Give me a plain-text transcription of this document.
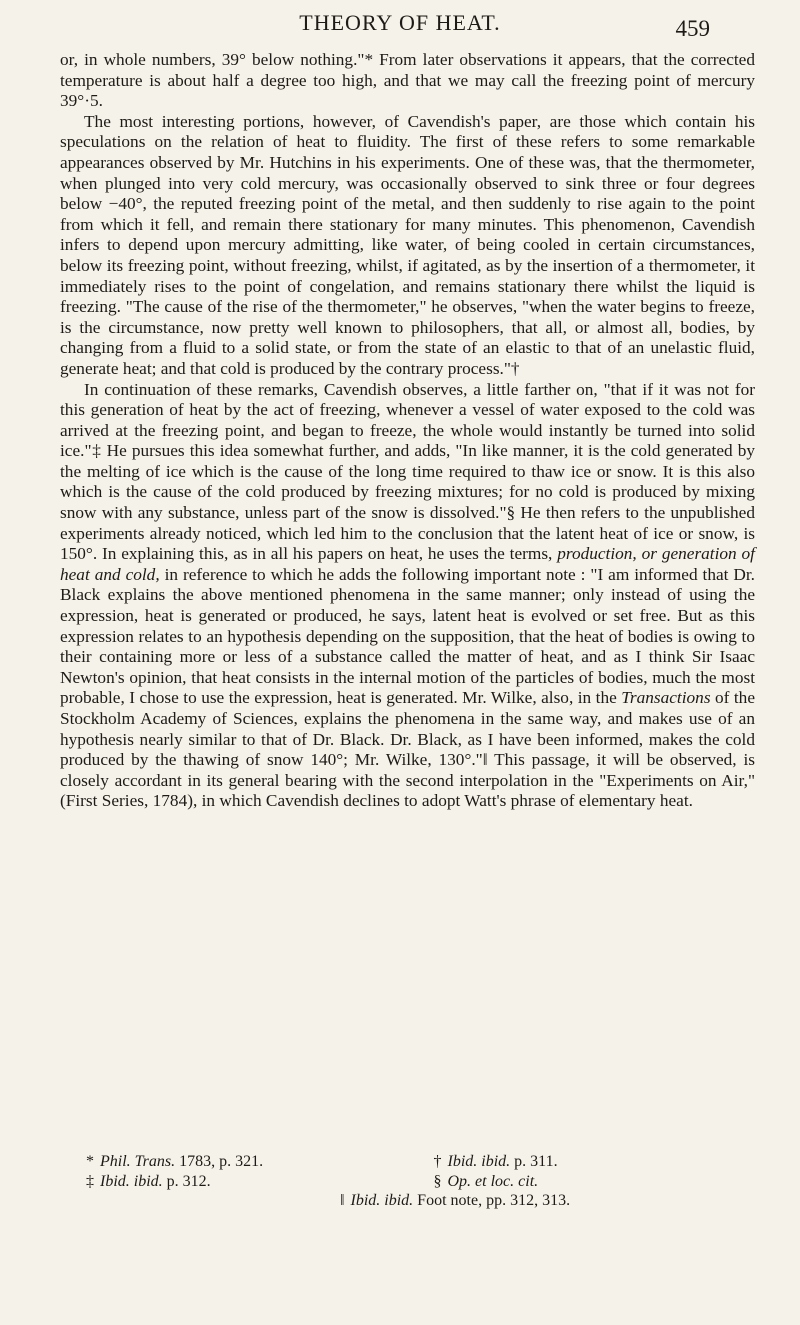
THEORY OF HEAT.	459

or, in whole numbers, 39° below nothing."* From later observations it appears, that the corrected temperature is about half a degree too high, and that we may call the freezing point of mercury 39°·5.

The most interesting portions, however, of Cavendish's paper, are those which contain his speculations on the relation of heat to fluidity. The first of these refers to some remarkable appearances observed by Mr. Hutchins in his experiments. One of these was, that the thermometer, when plunged into very cold mercury, was occasionally observed to sink three or four degrees below −40°, the reputed freezing point of the metal, and then suddenly to rise again to the point from which it fell, and remain there stationary for many minutes. This phenomenon, Cavendish infers to depend upon mercury admitting, like water, of being cooled in certain circumstances, below its freezing point, without freezing, whilst, if agitated, as by the insertion of a thermometer, it immediately rises to the point of congelation, and remains stationary there whilst the liquid is freezing. "The cause of the rise of the thermometer," he observes, "when the water begins to freeze, is the circumstance, now pretty well known to philosophers, that all, or almost all, bodies, by changing from a fluid to a solid state, or from the state of an elastic to that of an unelastic fluid, generate heat; and that cold is produced by the contrary process."†

In continuation of these remarks, Cavendish observes, a little farther on, "that if it was not for this generation of heat by the act of freezing, whenever a vessel of water exposed to the cold was arrived at the freezing point, and began to freeze, the whole would instantly be turned into solid ice."‡ He pursues this idea somewhat further, and adds, "In like manner, it is the cold generated by the melting of ice which is the cause of the long time required to thaw ice or snow. It is this also which is the cause of the cold produced by freezing mixtures; for no cold is produced by mixing snow with any substance, unless part of the snow is dissolved."§ He then refers to the unpublished experiments already noticed, which led him to the conclusion that the latent heat of ice or snow, is 150°. In explaining this, as in all his papers on heat, he uses the terms, production, or generation of heat and cold, in reference to which he adds the following important note : "I am informed that Dr. Black explains the above mentioned phenomena in the same manner; only instead of using the expression, heat is generated or produced, he says, latent heat is evolved or set free. But as this expression relates to an hypothesis depending on the supposition, that the heat of bodies is owing to their containing more or less of a substance called the matter of heat, and as I think Sir Isaac Newton's opinion, that heat consists in the internal motion of the particles of bodies, much the most probable, I chose to use the expression, heat is generated. Mr. Wilke, also, in the Transactions of the Stockholm Academy of Sciences, explains the phenomena in the same way, and makes use of an hypothesis nearly similar to that of Dr. Black. Dr. Black, as I have been informed, makes the cold produced by the thawing of snow 140°; Mr. Wilke, 130°."‖ This passage, it will be observed, is closely accordant in its general bearing with the second interpolation in the "Experiments on Air," (First Series, 1784), in which Cavendish declines to adopt Watt's phrase of elementary heat.

* Phil. Trans. 1783, p. 321.	† Ibid. ibid. p. 311.
‡ Ibid. ibid. p. 312.	§ Op. et loc. cit.
‖ Ibid. ibid. Foot note, pp. 312, 313.
